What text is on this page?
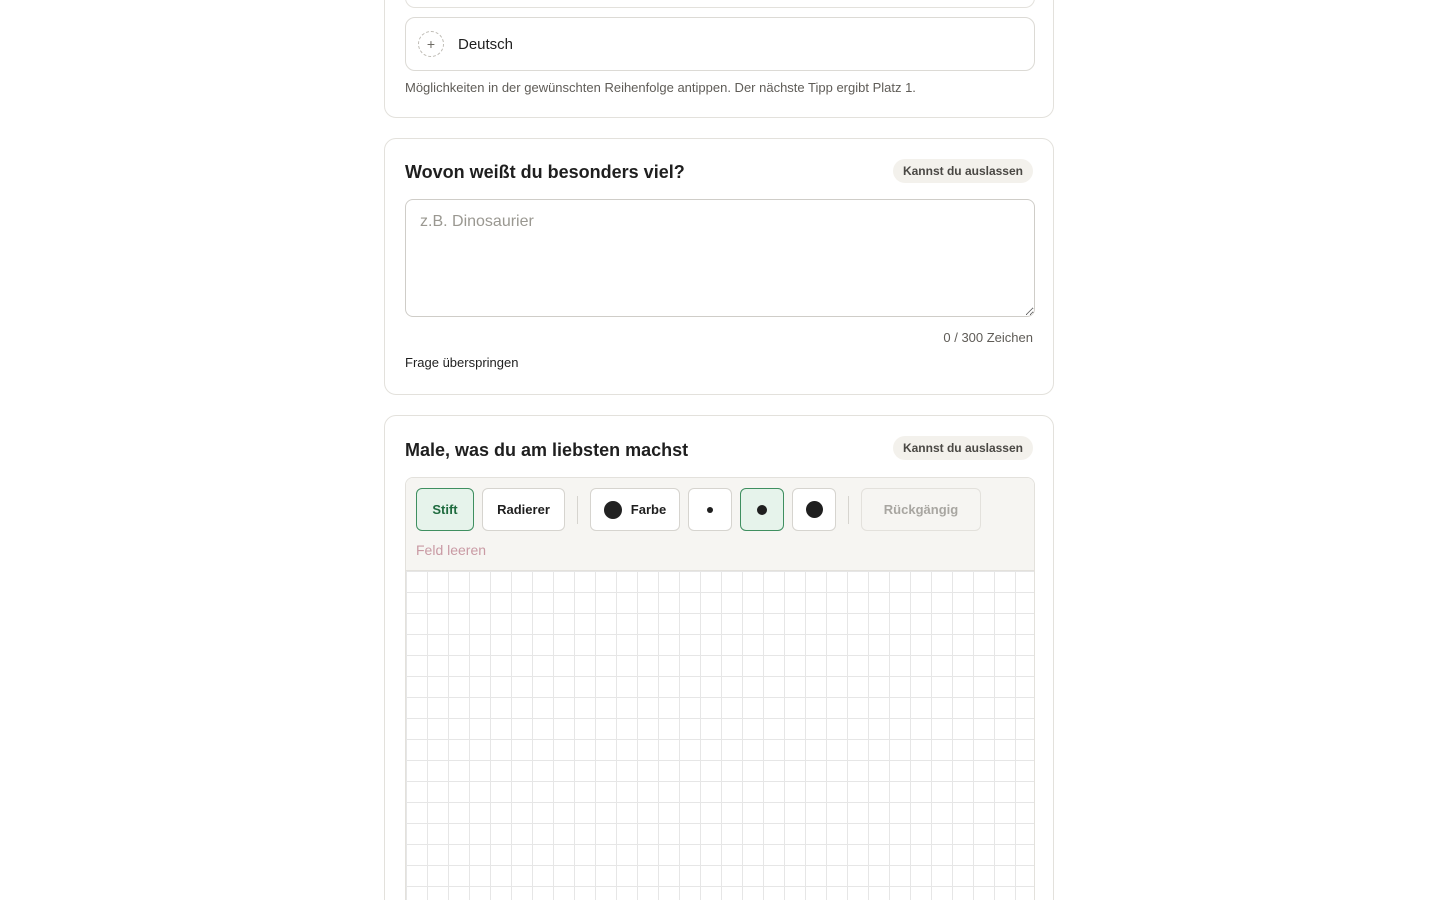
+	Deutsch
Möglichkeiten in der gewünschten Reihenfolge antippen. Der nächste Tipp ergibt Platz 1.
Wovon weißt du besonders viel?	Kannst du auslassen
z.B. Dinosaurier
0 / 300 Zeichen
Frage überspringen
Male, was du am liebsten machst	Kannst du auslassen
Stift	Radierer	Farbe	Rückgängig
Feld leeren
